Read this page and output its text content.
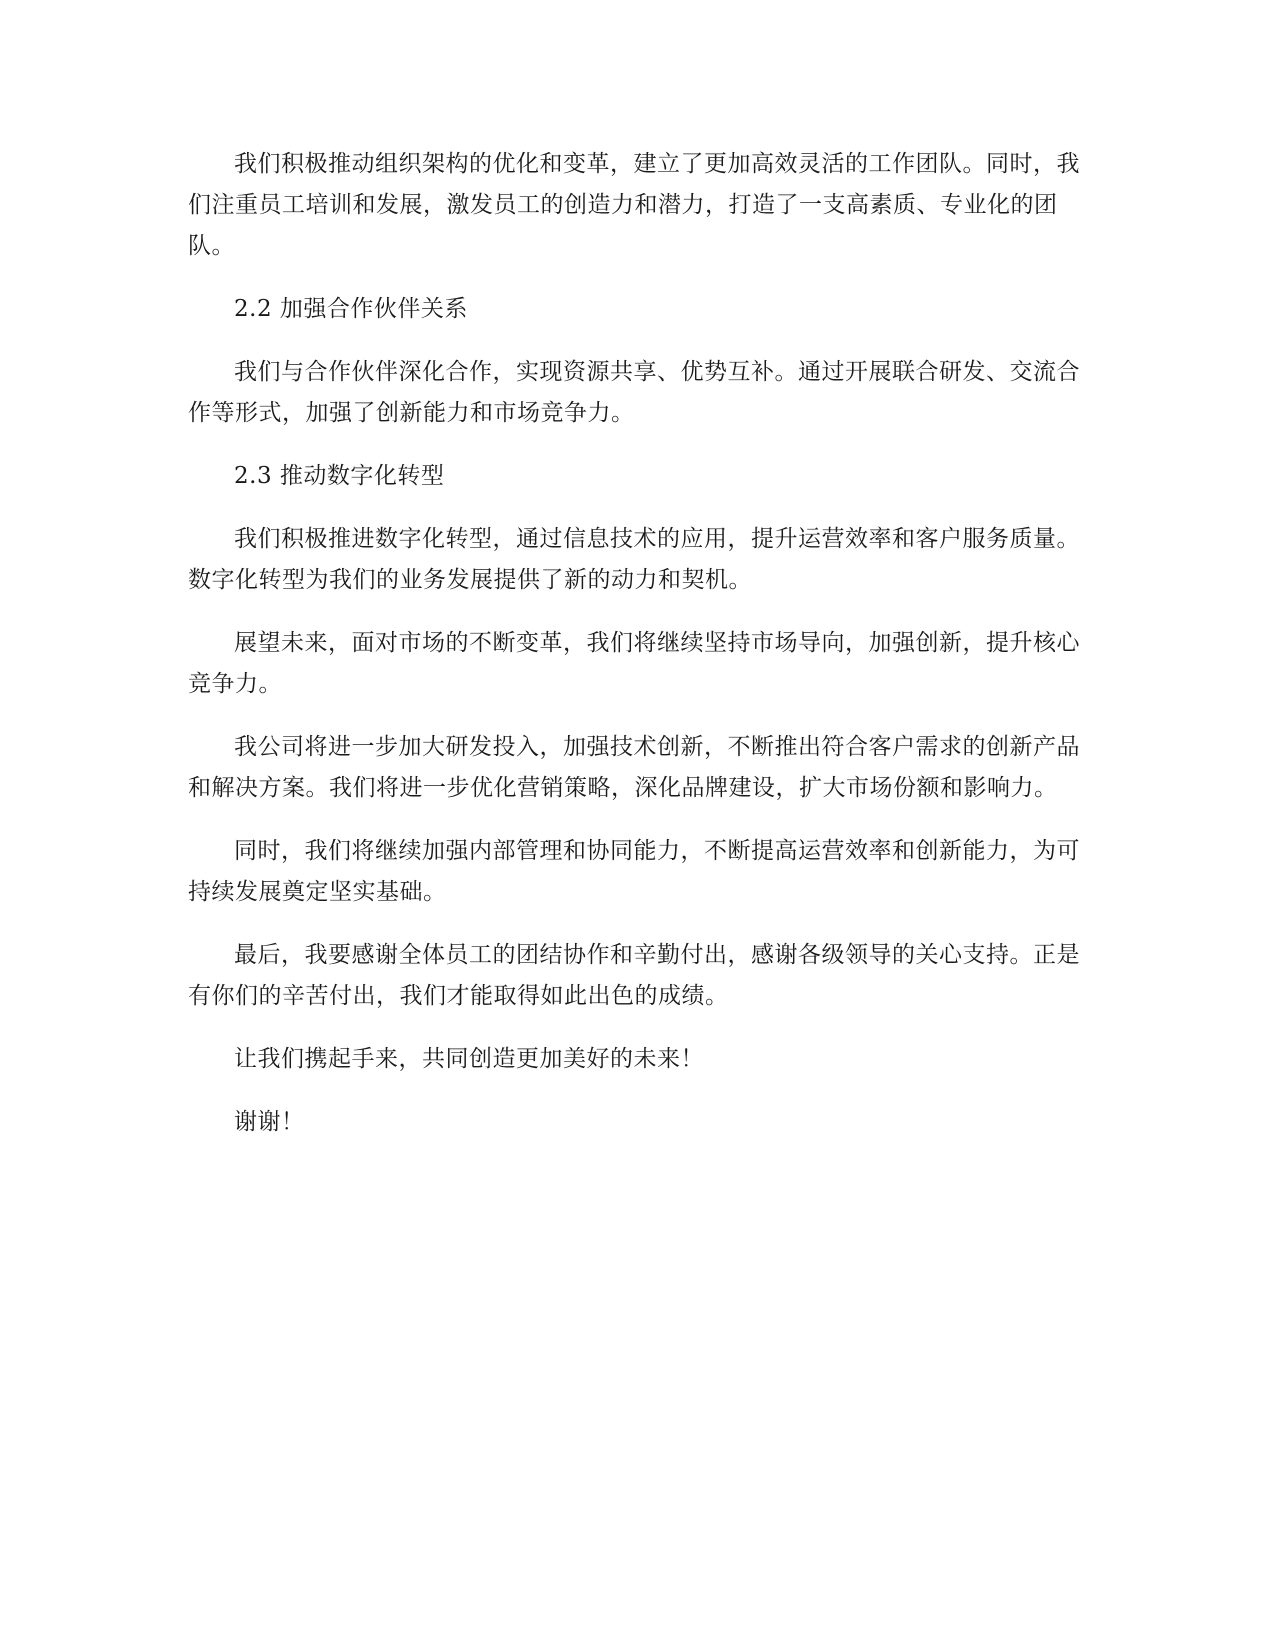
我们积极推动组织架构的优化和变革，建立了更加高效灵活的工作团队。同时，我们注重员工培训和发展，激发员工的创造力和潜力，打造了一支高素质、专业化的团队。

2.2 加强合作伙伴关系

我们与合作伙伴深化合作，实现资源共享、优势互补。通过开展联合研发、交流合作等形式，加强了创新能力和市场竞争力。

2.3 推动数字化转型

我们积极推进数字化转型，通过信息技术的应用，提升运营效率和客户服务质量。数字化转型为我们的业务发展提供了新的动力和契机。

展望未来，面对市场的不断变革，我们将继续坚持市场导向，加强创新，提升核心竞争力。

我公司将进一步加大研发投入，加强技术创新，不断推出符合客户需求的创新产品和解决方案。我们将进一步优化营销策略，深化品牌建设，扩大市场份额和影响力。

同时，我们将继续加强内部管理和协同能力，不断提高运营效率和创新能力，为可持续发展奠定坚实基础。

最后，我要感谢全体员工的团结协作和辛勤付出，感谢各级领导的关心支持。正是有你们的辛苦付出，我们才能取得如此出色的成绩。

让我们携起手来，共同创造更加美好的未来！

谢谢！
